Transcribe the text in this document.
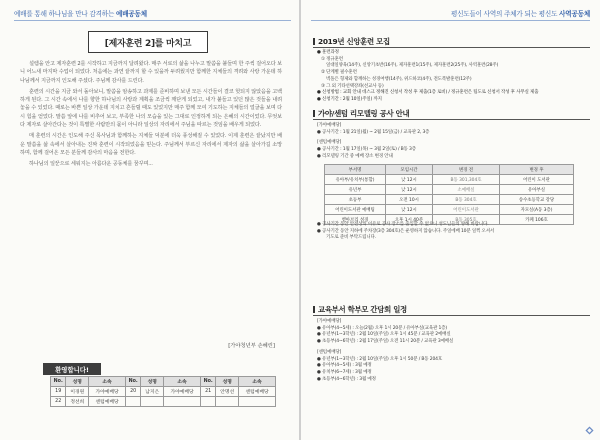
예배를 통해 하나님을 만나 감격하는 예배공동체
[제자훈련 2]를 마치고

설렘을 안고 제자훈련 2를 시작하고 지금까지 달려왔다. 매주 서로의 삶을 나누고 말씀을 붙들며 한 주씩 걸어오다 보니 어느새 마지막 수업이 되었다. 처음에는 과연 끝까지 할 수 있을까 두려웠지만 함께한 지체들의 격려와 사랑 가운데 하나님께서 지금까지 인도해 주셨다. 주님께 감사를 드린다.

훈련의 시간을 지금 와서 돌아보니, 말씀을 암송하고 과제를 준비하며 보낸 모든 시간들이 결코 헛되지 않았음을 고백하게 된다. 그 시간 속에서 나를 향한 하나님의 사랑과 계획을 조금씩 깨닫게 되었고, 내가 붙들고 있던 많은 것들을 내려놓을 수 있었다. 때로는 바쁜 일상 가운데 지치고 흔들릴 때도 있었지만 매주 함께 모여 기도하는 지체들의 얼굴을 보며 다시 힘을 얻었다. 말씀 앞에 나를 비추어 보고, 부족한 나의 모습을 있는 그대로 인정하게 되는 은혜의 시간이었다. 무엇보다 제자로 살아간다는 것이 특별한 사람만의 몫이 아니라 일상의 자리에서 주님을 따르는 것임을 배우게 되었다.

매 훈련의 시간은 인도해 주신 목사님과 함께하는 지체들 덕분에 더욱 풍성해질 수 있었다. 이제 훈련은 끝났지만 배운 말씀을 삶 속에서 살아내는 진짜 훈련이 시작되었음을 믿는다. 주님께서 부르신 자리에서 제자의 삶을 살아가길 소망하며, 함께 걸어온 모든 분들께 감사의 마음을 전한다.

하나님의 일꾼으로 세워지는 아름다운 공동체를 꿈꾸며...

[가야청년부 손혜린]
환영합니다!
No.	성명	소속	No.	성명	소속	No.	성명	소속
19	이경원	가야예배당	20	남지은	가야예배당	21	안명선	센텀예배당
22	정선희	센텀예배당						
평신도들이 사역의 주체가 되는 평신도 사역공동체
2019년 신앙훈련 모집
● 훈련과정
① 정규훈련
일대일양육(14주), 신앙기초반(16주), 제자훈련1(15주), 제자훈련2(25주), 사역훈련(28주)
② 단계별 필수훈련
벽돌은 형제와 함께하는 성경여행(14주), 위드하코(4주), 전도폭발훈련(12주)
③ 그 외 기타선택강좌(선교사 등)
● 신청방법 : 교회 안내 데스크 정해진 신청서 작성 후 제출(1층 로비) / 정규훈련은 팀도로 신청서 작성 후 사무실 제출
● 신청기간 : 2월 10일(주일) 까지
가야/센텀 리모델링 공사 안내
[가야예배당]
● 공사기간 : 1월 21일(월) ~ 2월 15일(금) / 교육관 2, 3층
[센텀예배당]
● 공사기간 : 1월 17일(목) ~ 3월 2일(토) / B동 3층
● 리모델링 기간 중 예배 장소 변경 안내
부서명	모임시간	변경 전	변경 후
유아부/유치부(통합)	낮 12시	B동 301,304호	어린이 도서관
유년부	낮 12시	소예배실	유아부실
초등부	오전 10시	B동 304호	송수초등학교 강당
어린이도서관 예배팀	낮 12시	어린이도서관	자모실(A동 3층)
벧아브리 성경	오후 1시 40분	B동 305호	카페 106호
● 공사기간 동안 안전상의 이유로 공사 장소를 출입할 수 없으니 성도님들의 양해 바랍니다.
● 공사기간 동안 지하에 주차장(3층 304호)은 운영하지 않습니다. 주일에배 10분 일찍 오셔서
기도로 준비 부탁드립니다.
교육부서 학부모 간담회 일정
[가야예배당]
● 유아부(4~5세) : 오늘(2월) 오후 1시 20분 / 유아부실(교육관 1층)
● 유년부(1~3학년) : 2월 10일(주일) 오후 1시 45분 / 교육관 2예배실
● 초등부(4~6학년) : 2월 17일(주일) 오전 11시 20분 / 교육관 3예배실
[센텀예배당]
● 유년부(1~3학년) : 2월 10일(주일) 오후 1시 50분 / B동 204호
● 유아부(4~5세) : 3월 예정
● 유치부(6~7세) : 3월 예정
● 초등부(4~6학년) : 3월 예정
